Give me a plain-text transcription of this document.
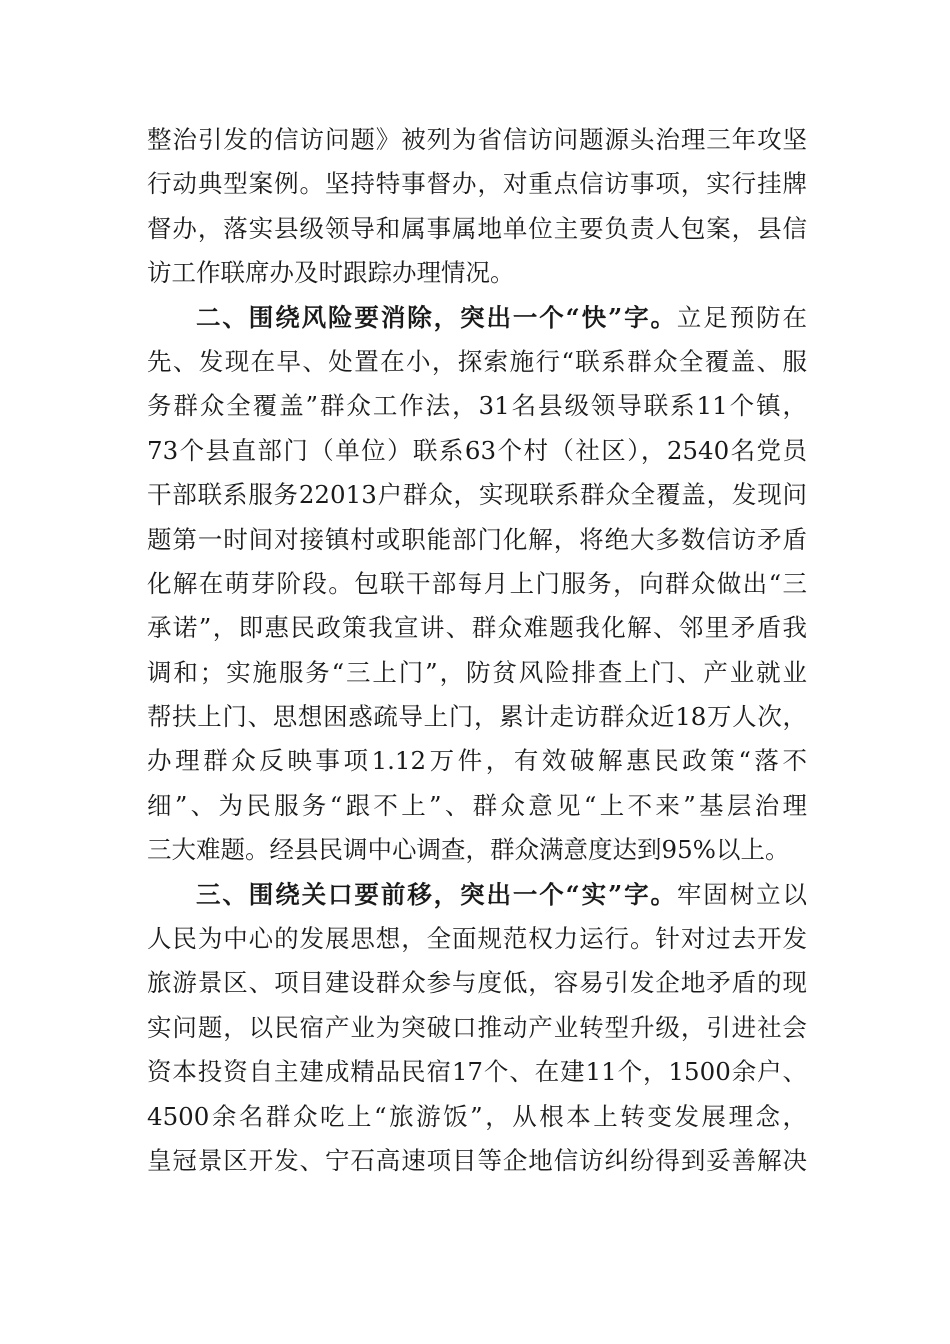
整治引发的信访问题》被列为省信访问题源头治理三年攻坚
行动典型案例。坚持特事督办，对重点信访事项，实行挂牌
督办，落实县级领导和属事属地单位主要负责人包案，县信
访工作联席办及时跟踪办理情况。
二、围绕风险要消除，突出一个“快”字。立足预防在
先、发现在早、处置在小，探索施行“联系群众全覆盖、服
务群众全覆盖”群众工作法，31名县级领导联系11个镇，
73个县直部门（单位）联系63个村（社区），2540名党员
干部联系服务22013户群众，实现联系群众全覆盖，发现问
题第一时间对接镇村或职能部门化解，将绝大多数信访矛盾
化解在萌芽阶段。包联干部每月上门服务，向群众做出“三
承诺”，即惠民政策我宣讲、群众难题我化解、邻里矛盾我
调和；实施服务“三上门”，防贫风险排查上门、产业就业
帮扶上门、思想困惑疏导上门，累计走访群众近18万人次，
办理群众反映事项1.12万件，有效破解惠民政策“落不
细”、为民服务“跟不上”、群众意见“上不来”基层治理
三大难题。经县民调中心调查，群众满意度达到95%以上。
三、围绕关口要前移，突出一个“实”字。牢固树立以
人民为中心的发展思想，全面规范权力运行。针对过去开发
旅游景区、项目建设群众参与度低，容易引发企地矛盾的现
实问题，以民宿产业为突破口推动产业转型升级，引进社会
资本投资自主建成精品民宿17个、在建11个，1500余户、
4500余名群众吃上“旅游饭”，从根本上转变发展理念，
皇冠景区开发、宁石高速项目等企地信访纠纷得到妥善解决
